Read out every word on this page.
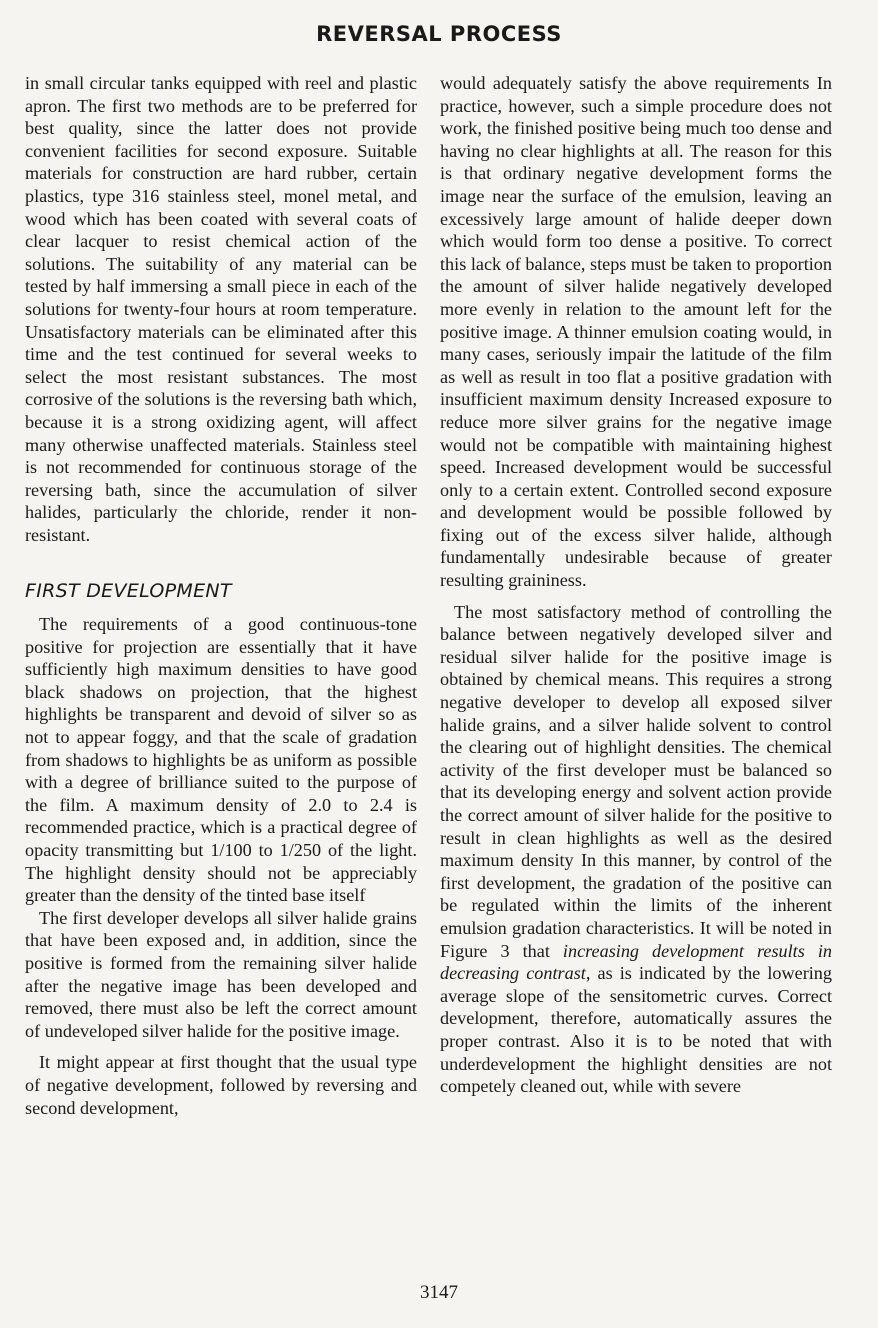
REVERSAL PROCESS

in small circular tanks equipped with reel and plastic apron. The first two methods are to be preferred for best quality, since the latter does not provide convenient facilities for second exposure. Suitable materials for construction are hard rubber, certain plastics, type 316 stainless steel, monel metal, and wood which has been coated with several coats of clear lacquer to resist chemical action of the solutions. The suitability of any material can be tested by half immersing a small piece in each of the solutions for twenty-four hours at room temperature. Unsatisfactory materials can be eliminated after this time and the test continued for several weeks to select the most resistant substances. The most corrosive of the solutions is the reversing bath which, because it is a strong oxidizing agent, will affect many otherwise unaffected materials. Stainless steel is not recommended for continuous storage of the reversing bath, since the accumulation of silver halides, particularly the chloride, render it non-resistant.

FIRST DEVELOPMENT

The requirements of a good continuous-tone positive for projection are essentially that it have sufficiently high maximum densities to have good black shadows on projection, that the highest highlights be transparent and devoid of silver so as not to appear foggy, and that the scale of gradation from shadows to highlights be as uniform as possible with a degree of brilliance suited to the purpose of the film. A maximum density of 2.0 to 2.4 is recommended practice, which is a practical degree of opacity transmitting but 1/100 to 1/250 of the light. The highlight density should not be appreciably greater than the density of the tinted base itself

The first developer develops all silver halide grains that have been exposed and, in addition, since the positive is formed from the remaining silver halide after the negative image has been developed and removed, there must also be left the correct amount of undeveloped silver halide for the positive image.

It might appear at first thought that the usual type of negative development, followed by reversing and second development,

would adequately satisfy the above requirements In practice, however, such a simple procedure does not work, the finished positive being much too dense and having no clear highlights at all. The reason for this is that ordinary negative development forms the image near the surface of the emulsion, leaving an excessively large amount of halide deeper down which would form too dense a positive. To correct this lack of balance, steps must be taken to proportion the amount of silver halide negatively developed more evenly in relation to the amount left for the positive image. A thinner emulsion coating would, in many cases, seriously impair the latitude of the film as well as result in too flat a positive gradation with insufficient maximum density Increased exposure to reduce more silver grains for the negative image would not be compatible with maintaining highest speed. Increased development would be successful only to a certain extent. Controlled second exposure and development would be possible followed by fixing out of the excess silver halide, although fundamentally undesirable because of greater resulting graininess.

The most satisfactory method of controlling the balance between negatively developed silver and residual silver halide for the positive image is obtained by chemical means. This requires a strong negative developer to develop all exposed silver halide grains, and a silver halide solvent to control the clearing out of highlight densities. The chemical activity of the first developer must be balanced so that its developing energy and solvent action provide the correct amount of silver halide for the positive to result in clean highlights as well as the desired maximum density In this manner, by control of the first development, the gradation of the positive can be regulated within the limits of the inherent emulsion gradation characteristics. It will be noted in Figure 3 that increasing development results in decreasing contrast, as is indicated by the lowering average slope of the sensitometric curves. Correct development, therefore, automatically assures the proper contrast. Also it is to be noted that with underdevelopment the highlight densities are not competely cleaned out, while with severe

3147
